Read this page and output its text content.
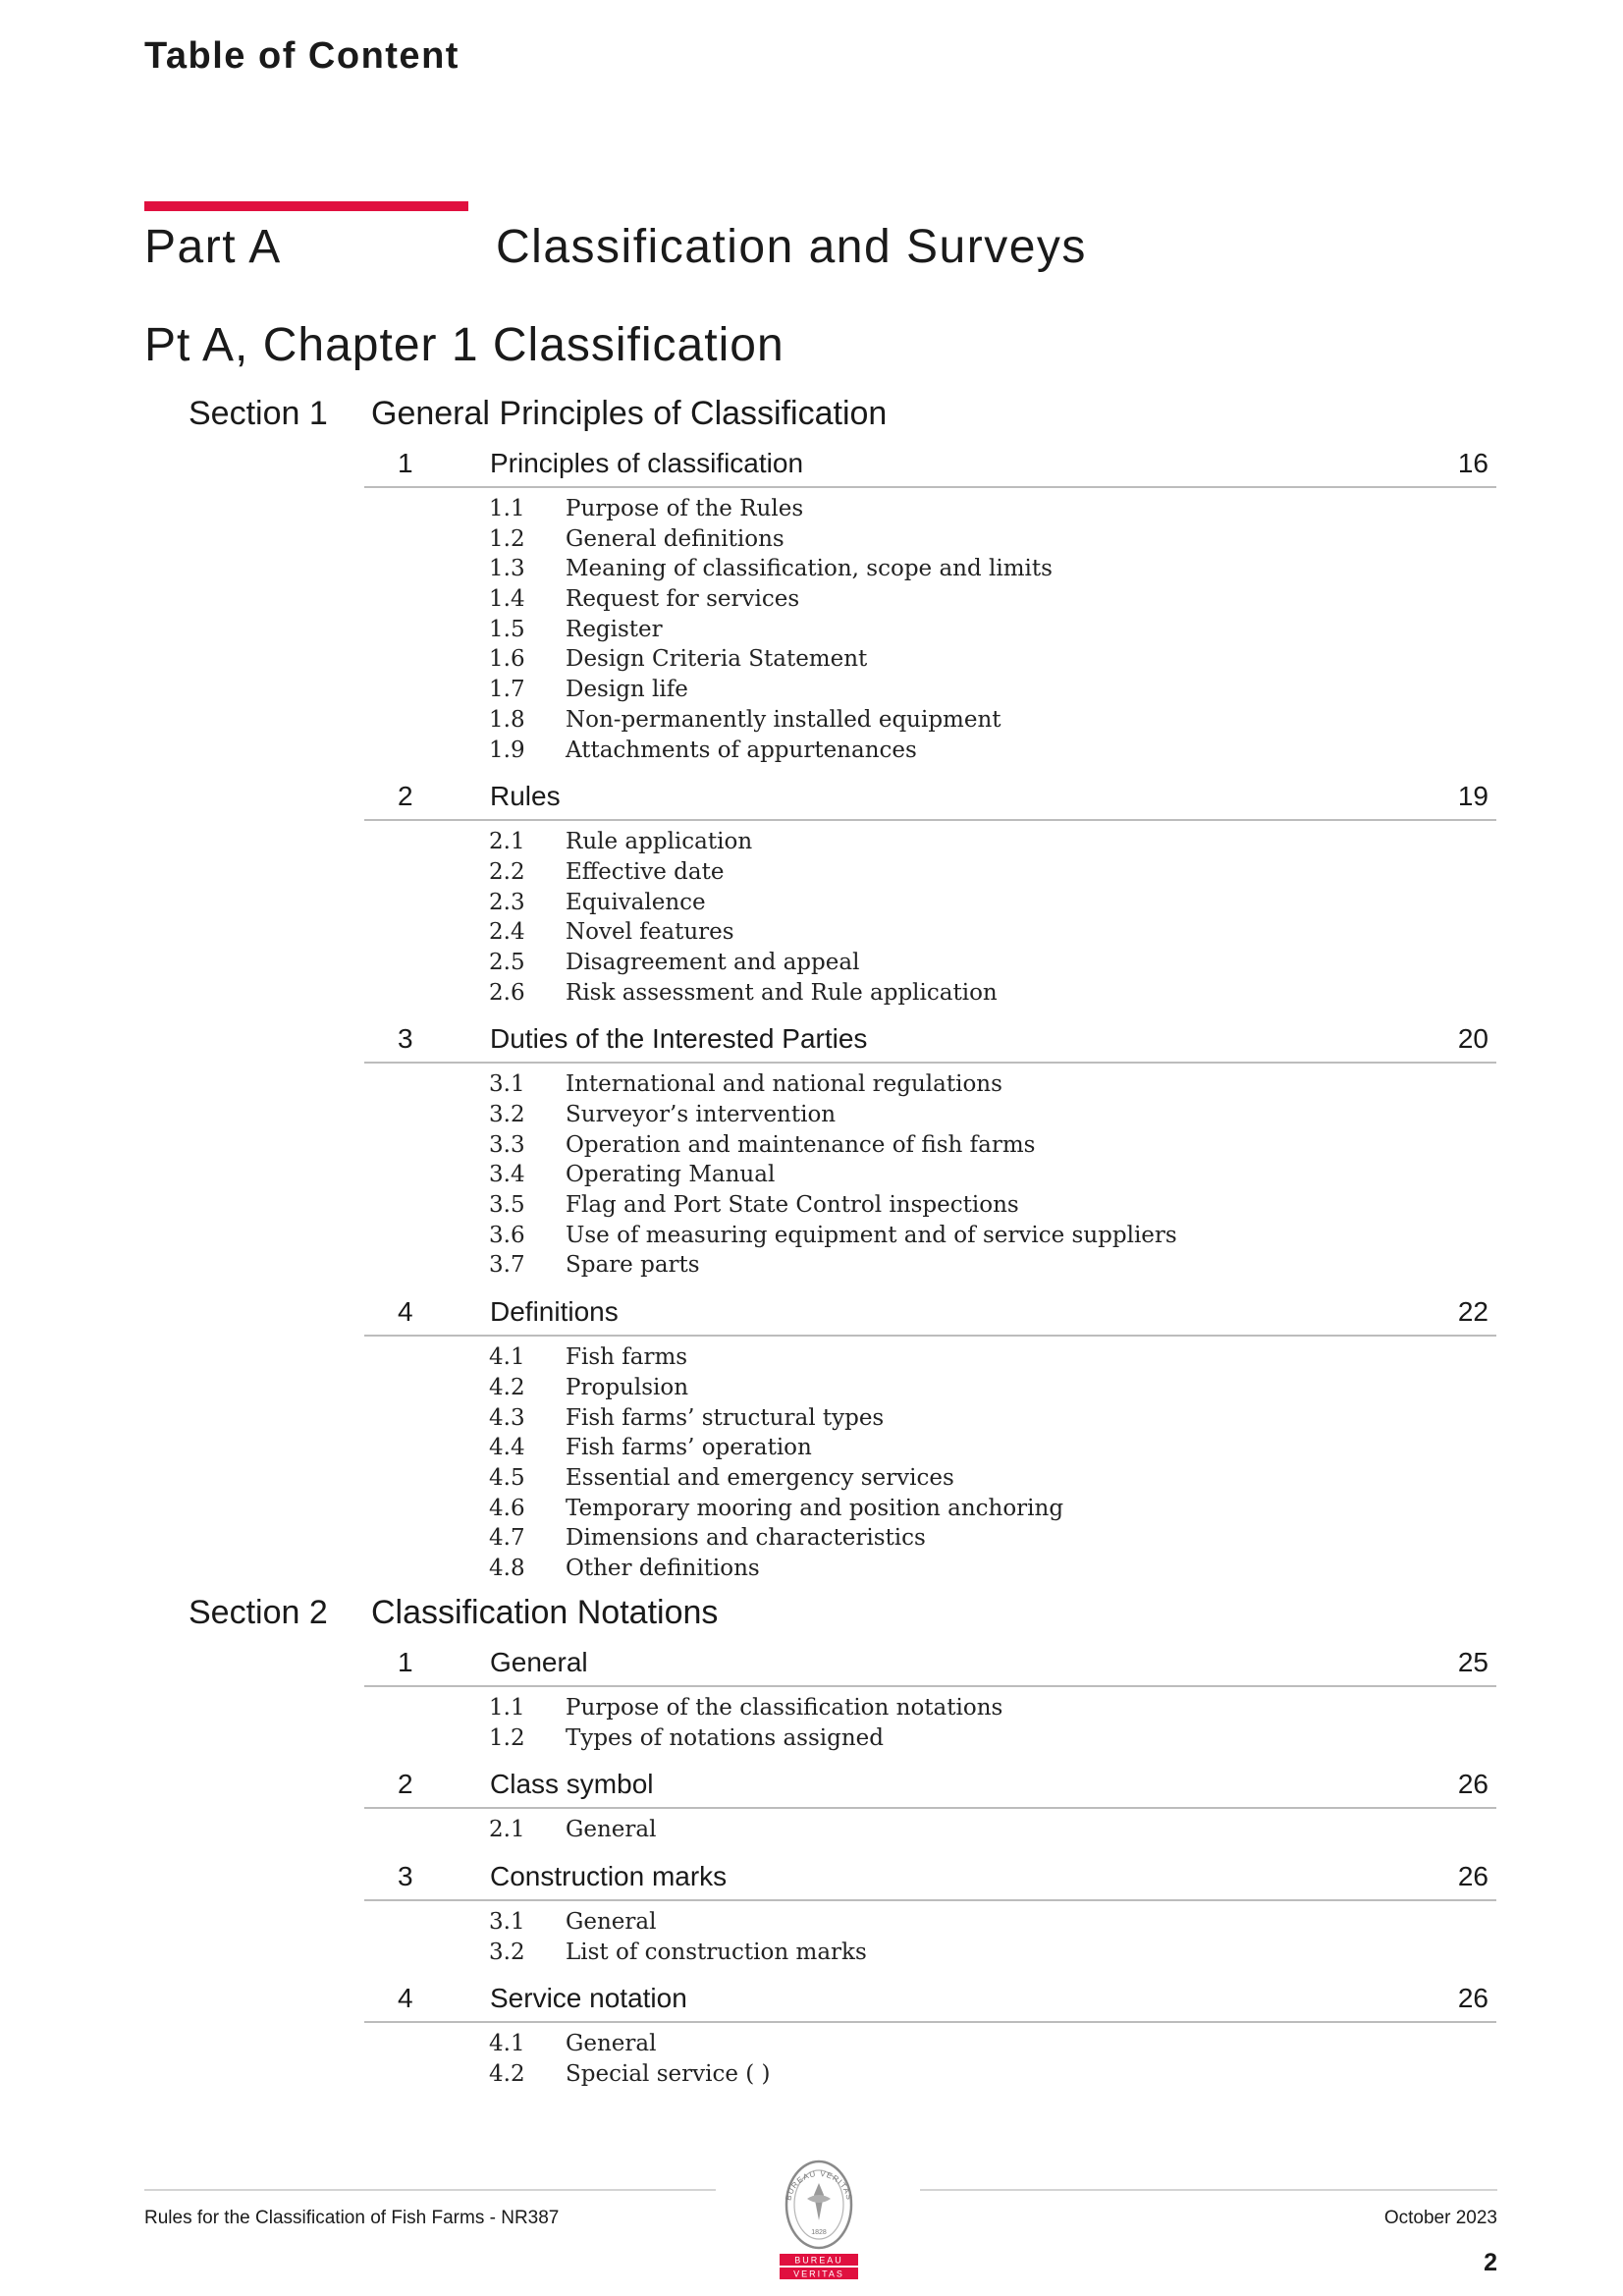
Table of Content
Part A	Classification and Surveys
Pt A, Chapter 1 Classification
Section 1 General Principles of Classification
1	Principles of classification	16
1.1 Purpose of the Rules
1.2 General definitions
1.3 Meaning of classification, scope and limits
1.4 Request for services
1.5 Register
1.6 Design Criteria Statement
1.7 Design life
1.8 Non-permanently installed equipment
1.9 Attachments of appurtenances
2	Rules	19
2.1 Rule application
2.2 Effective date
2.3 Equivalence
2.4 Novel features
2.5 Disagreement and appeal
2.6 Risk assessment and Rule application
3	Duties of the Interested Parties	20
3.1 International and national regulations
3.2 Surveyor’s intervention
3.3 Operation and maintenance of fish farms
3.4 Operating Manual
3.5 Flag and Port State Control inspections
3.6 Use of measuring equipment and of service suppliers
3.7 Spare parts
4	Definitions	22
4.1 Fish farms
4.2 Propulsion
4.3 Fish farms’ structural types
4.4 Fish farms’ operation
4.5 Essential and emergency services
4.6 Temporary mooring and position anchoring
4.7 Dimensions and characteristics
4.8 Other definitions
Section 2 Classification Notations
1	General	25
1.1 Purpose of the classification notations
1.2 Types of notations assigned
2	Class symbol	26
2.1 General
3	Construction marks	26
3.1 General
3.2 List of construction marks
4	Service notation	26
4.1 General
4.2 Special service ( )
BUREAU VERITAS
1828
BUREAU
VERITAS
Rules for the Classification of Fish Farms - NR387	October 2023
2
